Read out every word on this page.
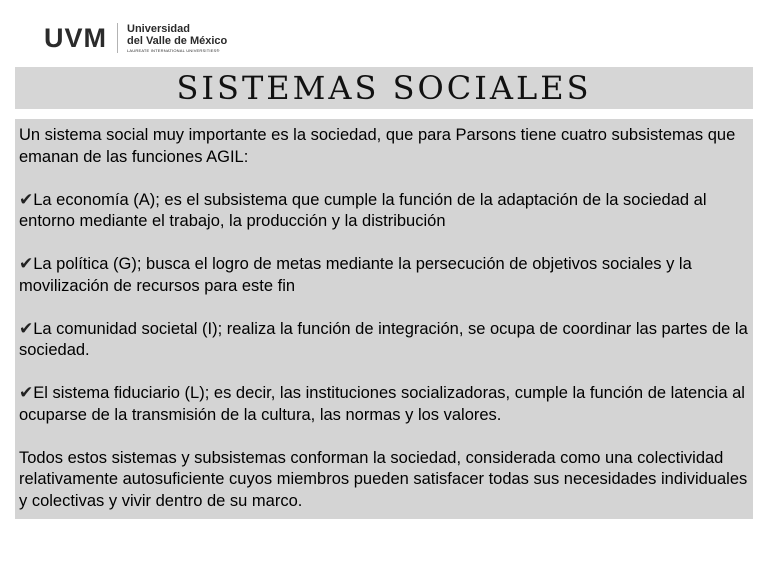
UVM Universidad
del Valle de México
LAUREATE INTERNATIONAL UNIVERSITIES®
SISTEMAS SOCIALES

Un sistema social muy importante es la sociedad, que para Parsons tiene cuatro subsistemas que emanan de las funciones AGIL:

✔La economía (A); es el subsistema que cumple la función de la adaptación de la sociedad al entorno mediante el trabajo, la producción y la distribución

✔La política (G); busca el logro de metas mediante la persecución de objetivos sociales y la movilización de recursos para este fin

✔La comunidad societal (I); realiza la función de integración, se ocupa de coordinar las partes de la sociedad.

✔El sistema fiduciario (L); es decir, las instituciones socializadoras, cumple la función de latencia al ocuparse de la transmisión de la cultura, las normas y los valores.

Todos estos sistemas y subsistemas conforman la sociedad, considerada como una colectividad relativamente autosuficiente cuyos miembros pueden satisfacer todas sus necesidades individuales y colectivas y vivir dentro de su marco.
